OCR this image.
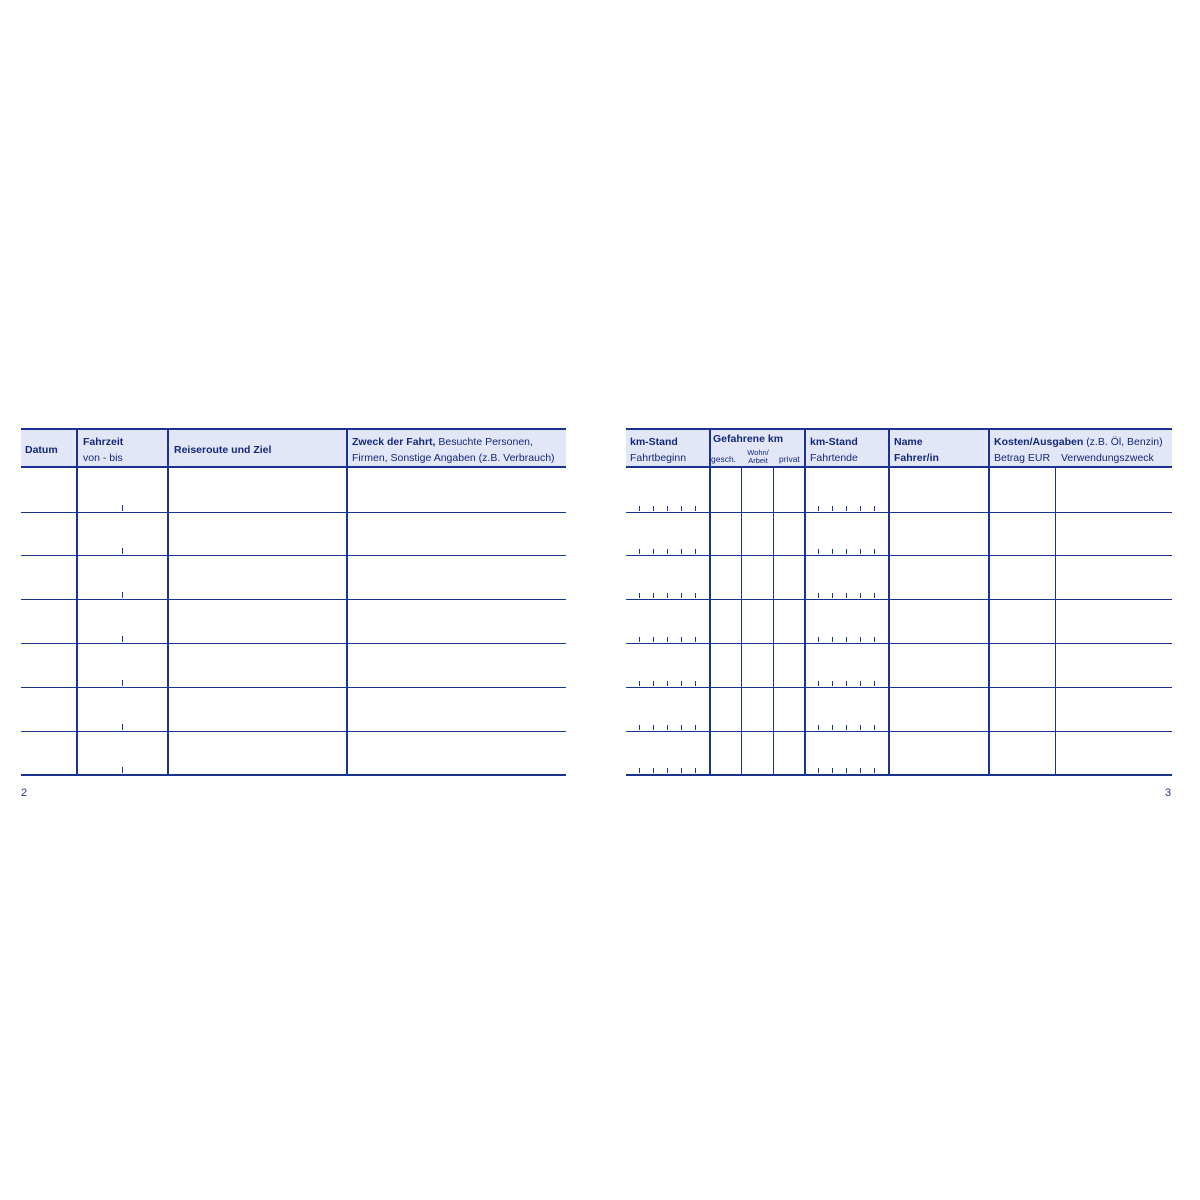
Datum
Fahrzeit
von - bis
Reiseroute und Ziel
Zweck der Fahrt, Besuchte Personen,
Firmen, Sonstige Angaben (z.B. Verbrauch)
2
km-Stand
Fahrtbeginn
Gefahrene km
gesch.
Wohn/
Arbeit	privat
km-Stand
Fahrtende
Name
Fahrer/in
Kosten/Ausgaben (z.B. Öl, Benzin)
Betrag EUR Verwendungszweck
3
